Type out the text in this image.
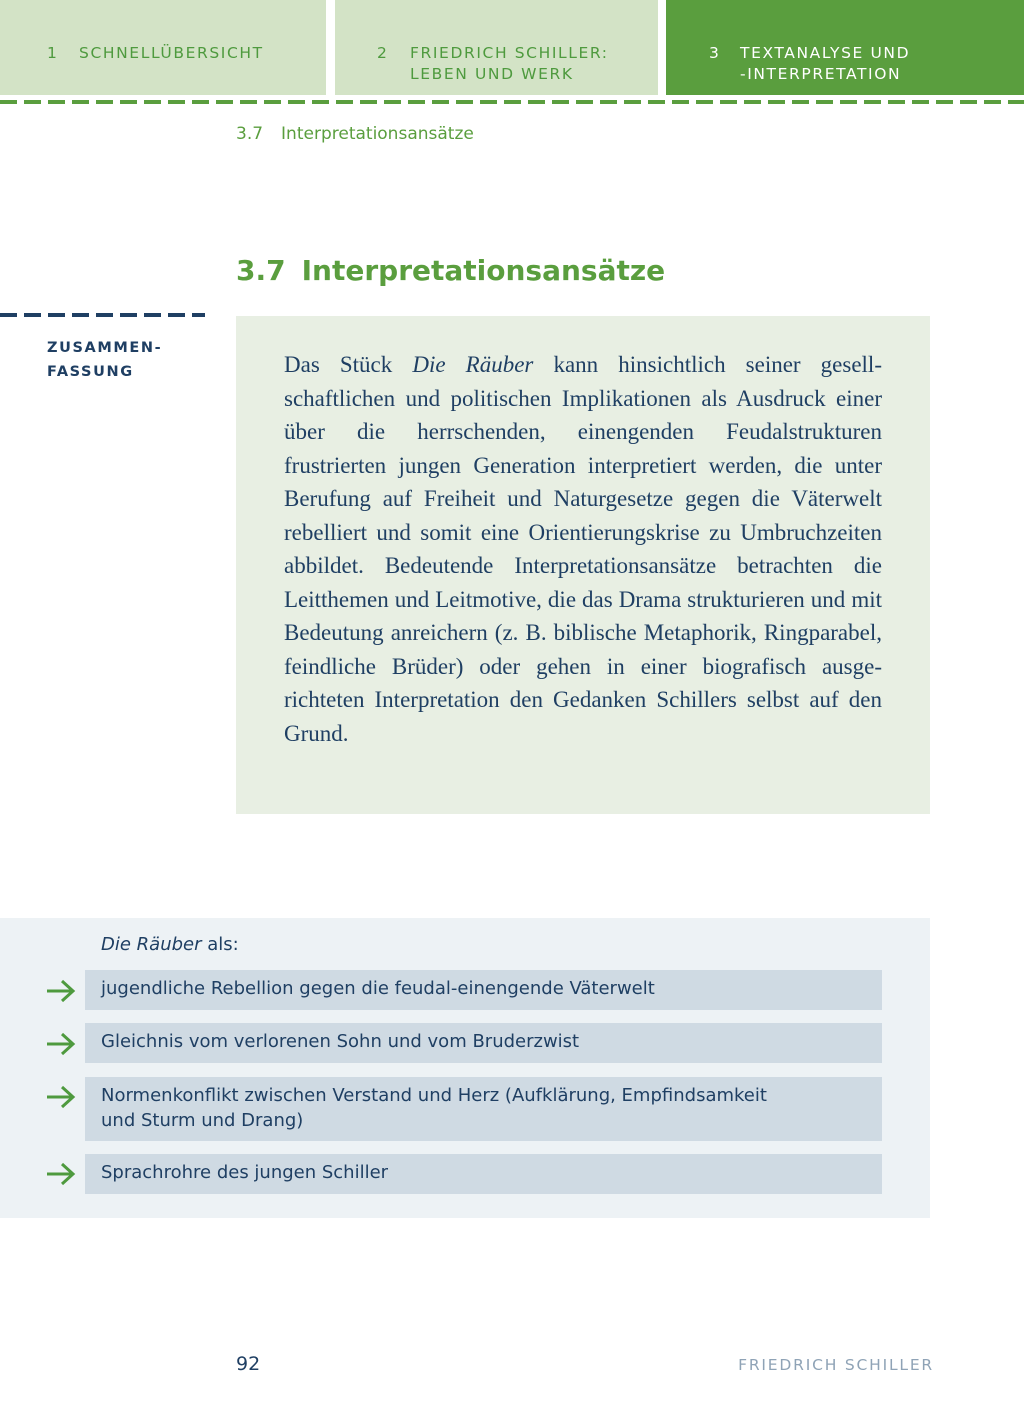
1 SCHNELLÜBERSICHT	2 FRIEDRICH SCHILLER:
LEBEN UND WERK
3 TEXTANALYSE UND
-INTERPRETATION
3.7 Interpretationsansätze
3.7 Interpretationsansätze
ZUSAMMEN-
FASSUNG	Das Stück Die Räuber kann hinsichtlich seiner gesellschaftlichen und politischen Implikationen als Ausdruck einer über die herrschenden, einengenden Feudalstrukturen frustrierten jungen Generation interpretiert werden, die unter Berufung auf Freiheit und Naturgesetze gegen die Väterwelt rebelliert und somit eine Orientierungskrise zu Umbruchzeiten abbildet. Bedeutende Interpretationsansätze betrachten die Leitthemen und Leitmotive, die das Drama strukturieren und mit Bedeutung anreichern (z. B. biblische Metaphorik, Ringparabel, feindliche Brüder) oder gehen in einer biografisch ausgerichteten Interpretation den Gedanken Schillers selbst auf den Grund.

Die Räuber als:
jugendliche Rebellion gegen die feudal-einengende Väterwelt
Gleichnis vom verlorenen Sohn und vom Bruderzwist
Normenkonflikt zwischen Verstand und Herz (Aufklärung, Empfindsamkeit und Sturm und Drang)
Sprachrohre des jungen Schiller
92	FRIEDRICH SCHILLER
